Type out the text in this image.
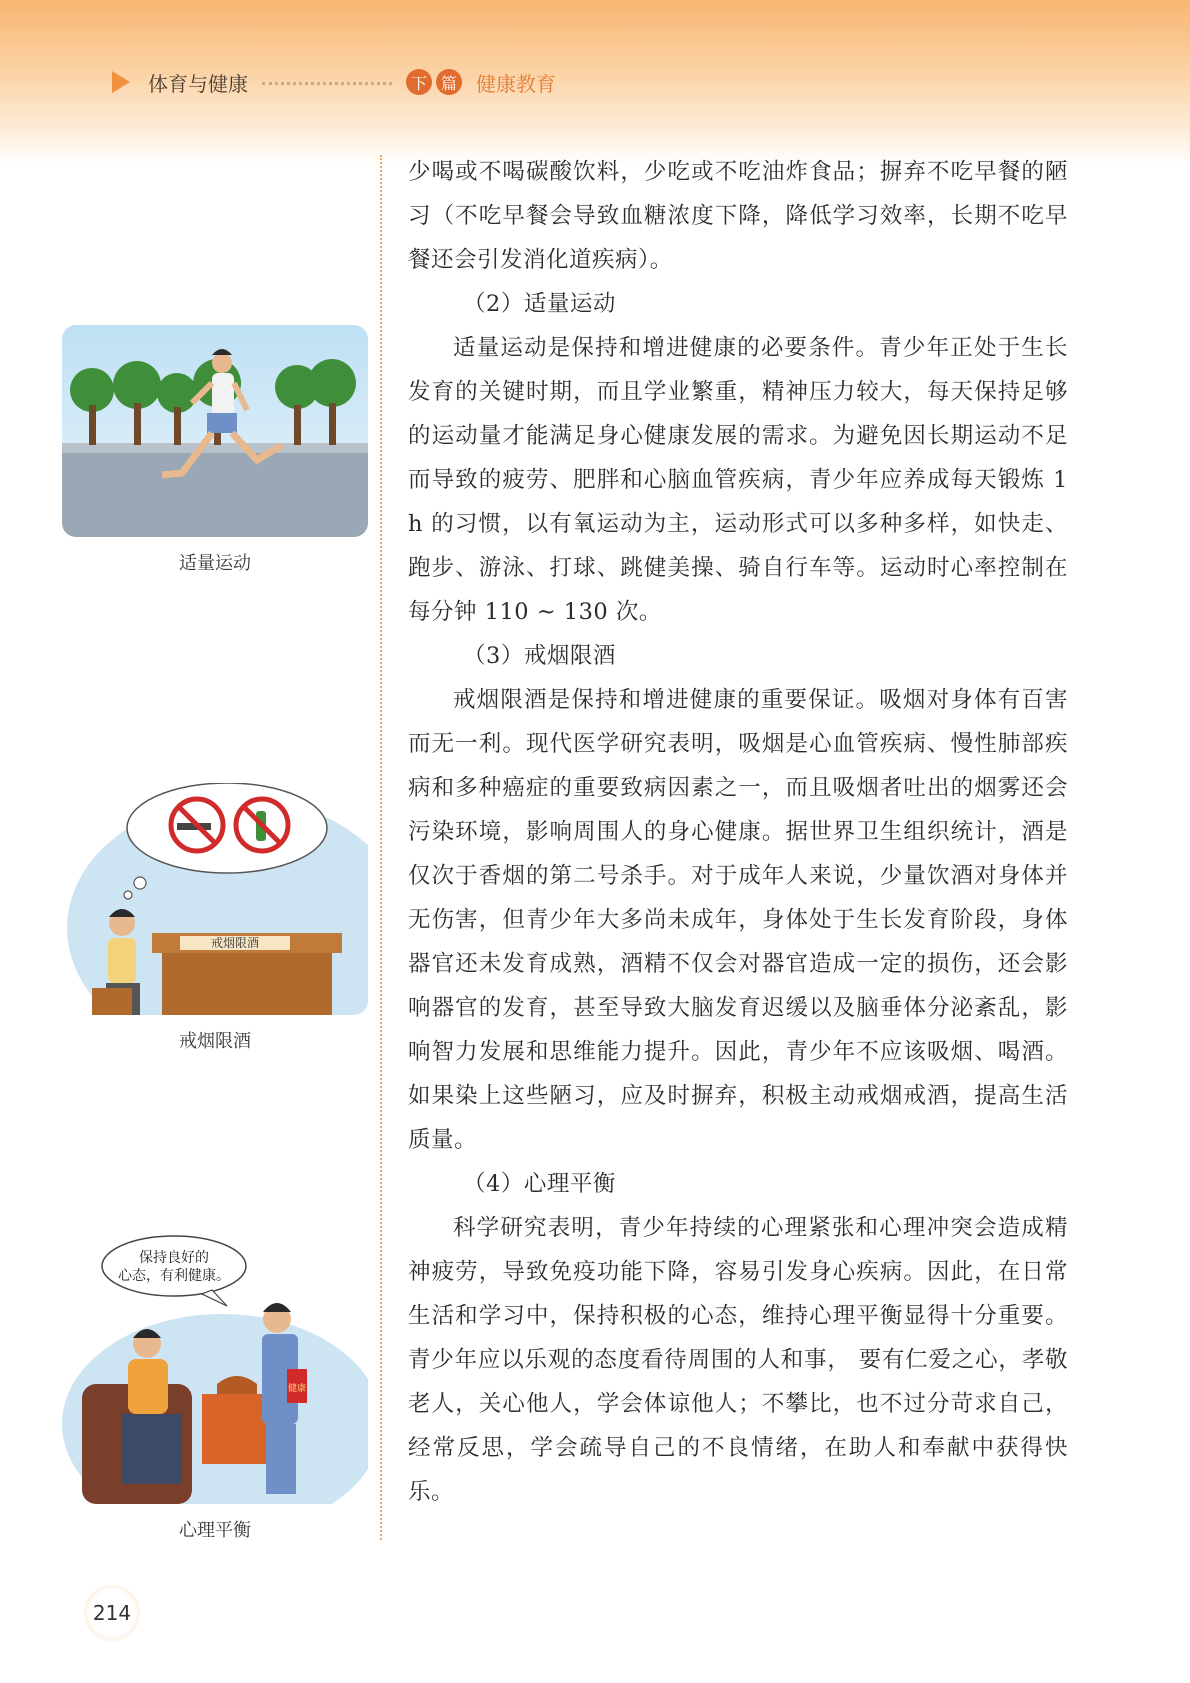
体育与健康	下 篇 健康教育

少喝或不喝碳酸饮料，少吃或不吃油炸食品；摒弃不吃早餐的陋习（不吃早餐会导致血糖浓度下降，降低学习效率，长期不吃早餐还会引发消化道疾病）。

（2）适量运动

适量运动是保持和增进健康的必要条件。青少年正处于生长发育的关键时期，而且学业繁重，精神压力较大，每天保持足够的运动量才能满足身心健康发展的需求。为避免因长期运动不足而导致的疲劳、肥胖和心脑血管疾病，青少年应养成每天锻炼 1 h 的习惯，以有氧运动为主，运动形式可以多种多样，如快走、跑步、游泳、打球、跳健美操、骑自行车等。运动时心率控制在每分钟 110 ~ 130 次。

（3）戒烟限酒

戒烟限酒是保持和增进健康的重要保证。吸烟对身体有百害而无一利。现代医学研究表明，吸烟是心血管疾病、慢性肺部疾病和多种癌症的重要致病因素之一，而且吸烟者吐出的烟雾还会污染环境，影响周围人的身心健康。据世界卫生组织统计，酒是仅次于香烟的第二号杀手。对于成年人来说，少量饮酒对身体并无伤害，但青少年大多尚未成年，身体处于生长发育阶段，身体器官还未发育成熟，酒精不仅会对器官造成一定的损伤，还会影响器官的发育，甚至导致大脑发育迟缓以及脑垂体分泌紊乱，影响智力发展和思维能力提升。因此，青少年不应该吸烟、喝酒。如果染上这些陋习，应及时摒弃，积极主动戒烟戒酒，提高生活质量。

（4）心理平衡

科学研究表明，青少年持续的心理紧张和心理冲突会造成精神疲劳，导致免疫功能下降，容易引发身心疾病。因此，在日常生活和学习中，保持积极的心态，维持心理平衡显得十分重要。青少年应以乐观的态度看待周围的人和事， 要有仁爱之心，孝敬老人，关心他人，学会体谅他人；不攀比，也不过分苛求自己，经常反思，学会疏导自己的不良情绪，在助人和奉献中获得快乐。

适量运动
戒烟限酒
戒烟限酒
保持良好的
心态，有利健康。
健康
心理平衡
214
